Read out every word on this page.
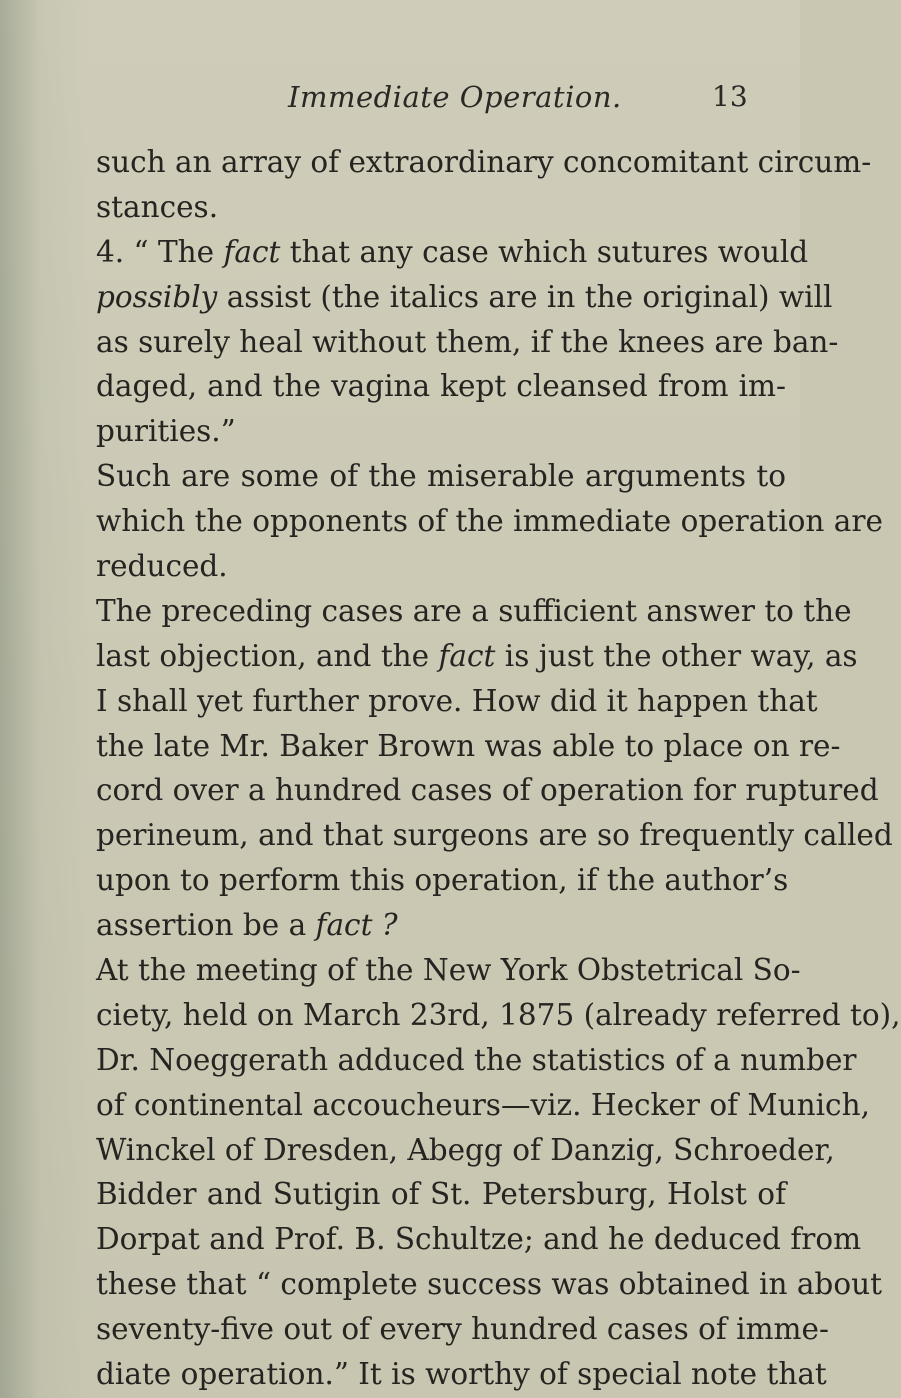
Immediate Operation.	13
such an array of extraordinary concomitant circum-
stances.
4. “ The fact that any case which sutures would
possibly assist (the italics are in the original) will
as surely heal without them, if the knees are ban-
daged, and the vagina kept cleansed from im-
purities.”
Such are some of the miserable arguments to
which the opponents of the immediate operation are
reduced.
The preceding cases are a sufficient answer to the
last objection, and the fact is just the other way, as
I shall yet further prove. How did it happen that
the late Mr. Baker Brown was able to place on re-
cord over a hundred cases of operation for ruptured
perineum, and that surgeons are so frequently called
upon to perform this operation, if the author’s
assertion be a fact ?
At the meeting of the New York Obstetrical So-
ciety, held on March 23rd, 1875 (already referred to),
Dr. Noeggerath adduced the statistics of a number
of continental accoucheurs—viz. Hecker of Munich,
Winckel of Dresden, Abegg of Danzig, Schroeder,
Bidder and Sutigin of St. Petersburg, Holst of
Dorpat and Prof. B. Schultze; and he deduced from
these that “ complete success was obtained in about
seventy-five out of every hundred cases of imme-
diate operation.” It is worthy of special note that
